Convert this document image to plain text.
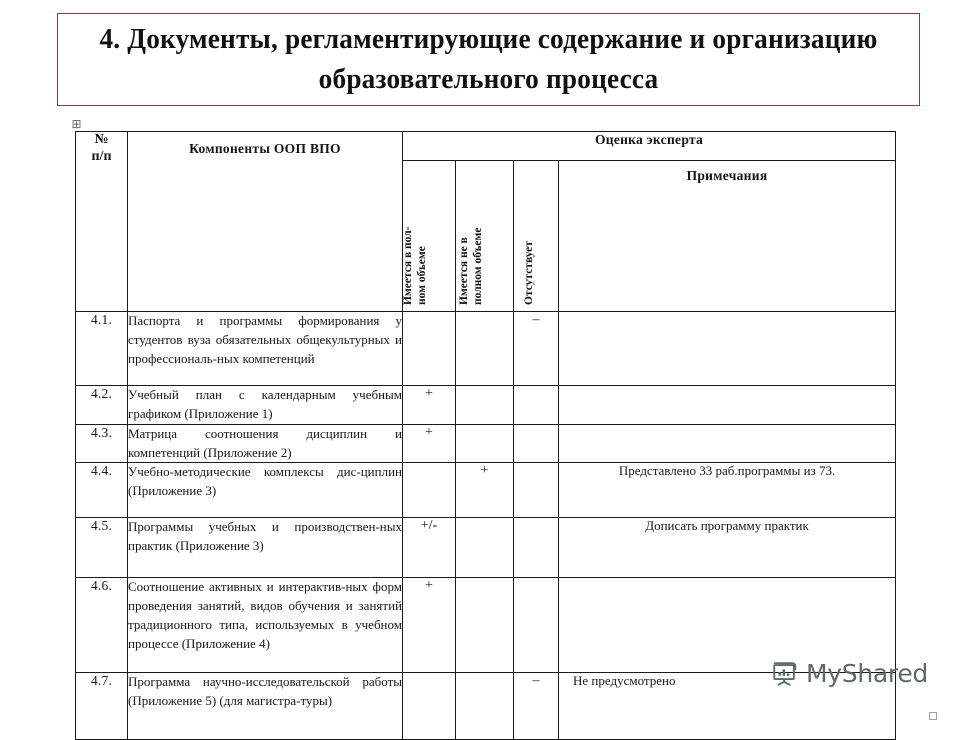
4. Документы, регламентирующие содержание и организацию образовательного процесса
⊞
№
п/п	Компоненты ООП ВПО	Оценка эксперта			

		Имеется в пол- ном объеме	Имеется не в полном объеме	Отсутствует	Примечания
4.1.	Паспорта и программы формирования у студентов вуза обязательных общекультурных и профессиональ-ных компетенций			–	
4.2.	Учебный план с календарным учебным графиком (Приложение 1)	+			
4.3.	Матрица соотношения дисциплин и компетенций (Приложение 2)	+			
4.4.	Учебно-методические комплексы дис-циплин (Приложение 3)		+		Представлено 33 раб.программы из 73.
4.5.	Программы учебных и производствен-ных практик (Приложение 3)	+/-			Дописать программу практик
4.6.	Соотношение активных и интерактив-ных форм проведения занятий, видов обучения и занятий традиционного типа, используемых в учебном процессе (Приложение 4)	+			
4.7.	Программа научно-исследовательской работы (Приложение 5) (для магистра-туры)			–	Не предусмотрено	MyShared
